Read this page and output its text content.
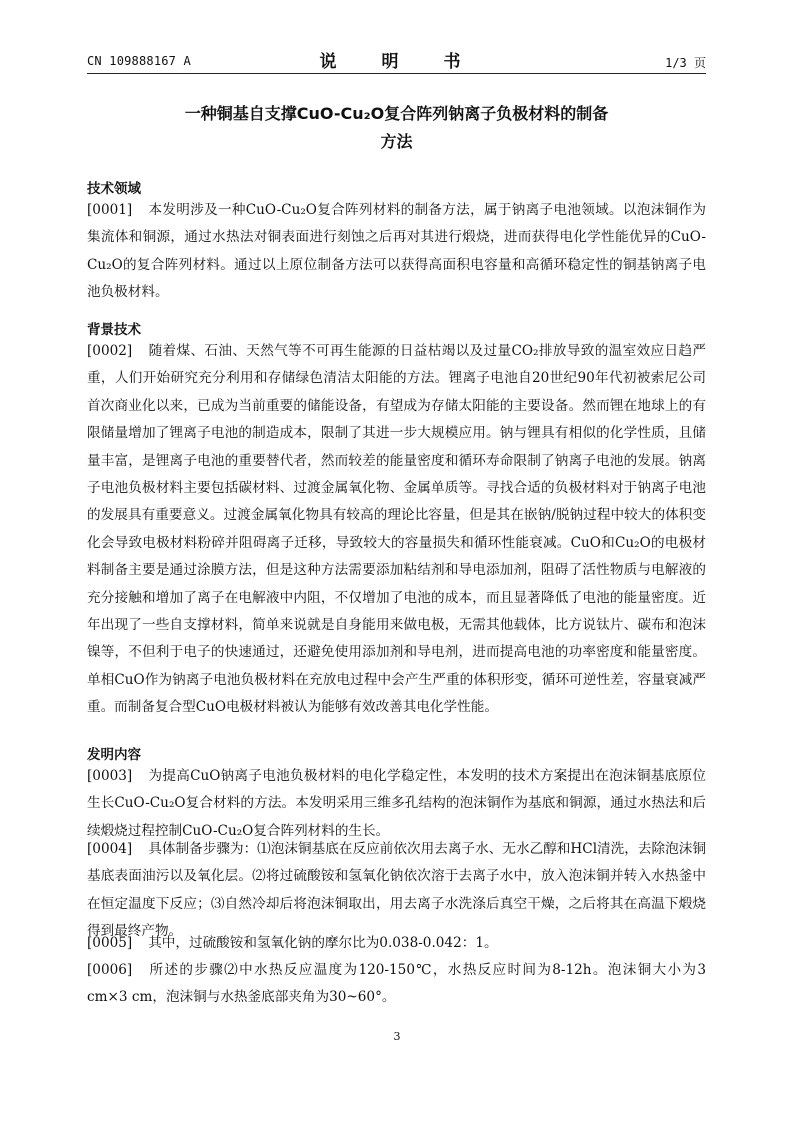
CN 109888167 A	说　明　书	1/3 页
一种铜基自支撑CuO-Cu₂O复合阵列钠离子负极材料的制备
方法
技术领域
[0001] 本发明涉及一种CuO-Cu₂O复合阵列材料的制备方法，属于钠离子电池领域。以泡沫铜作为集流体和铜源，通过水热法对铜表面进行刻蚀之后再对其进行煅烧，进而获得电化学性能优异的CuO-Cu₂O的复合阵列材料。通过以上原位制备方法可以获得高面积电容量和高循环稳定性的铜基钠离子电池负极材料。
背景技术
[0002] 随着煤、石油、天然气等不可再生能源的日益枯竭以及过量CO₂排放导致的温室效应日趋严重，人们开始研究充分利用和存储绿色清洁太阳能的方法。锂离子电池自20世纪90年代初被索尼公司首次商业化以来，已成为当前重要的储能设备，有望成为存储太阳能的主要设备。然而锂在地球上的有限储量增加了锂离子电池的制造成本，限制了其进一步大规模应用。钠与锂具有相似的化学性质，且储量丰富，是锂离子电池的重要替代者，然而较差的能量密度和循环寿命限制了钠离子电池的发展。钠离子电池负极材料主要包括碳材料、过渡金属氧化物、金属单质等。寻找合适的负极材料对于钠离子电池的发展具有重要意义。过渡金属氧化物具有较高的理论比容量，但是其在嵌钠/脱钠过程中较大的体积变化会导致电极材料粉碎并阻碍离子迁移，导致较大的容量损失和循环性能衰减。CuO和Cu₂O的电极材料制备主要是通过涂膜方法，但是这种方法需要添加粘结剂和导电添加剂，阻碍了活性物质与电解液的充分接触和增加了离子在电解液中内阻，不仅增加了电池的成本，而且显著降低了电池的能量密度。近年出现了一些自支撑材料，简单来说就是自身能用来做电极，无需其他载体，比方说钛片、碳布和泡沫镍等，不但利于电子的快速通过，还避免使用添加剂和导电剂，进而提高电池的功率密度和能量密度。单相CuO作为钠离子电池负极材料在充放电过程中会产生严重的体积形变，循环可逆性差，容量衰减严重。而制备复合型CuO电极材料被认为能够有效改善其电化学性能。
发明内容
[0003] 为提高CuO钠离子电池负极材料的电化学稳定性，本发明的技术方案提出在泡沫铜基底原位生长CuO-Cu₂O复合材料的方法。本发明采用三维多孔结构的泡沫铜作为基底和铜源，通过水热法和后续煅烧过程控制CuO-Cu₂O复合阵列材料的生长。
[0004] 具体制备步骤为：⑴泡沫铜基底在反应前依次用去离子水、无水乙醇和HCl清洗，去除泡沫铜基底表面油污以及氧化层。⑵将过硫酸铵和氢氧化钠依次溶于去离子水中，放入泡沫铜并转入水热釜中在恒定温度下反应；⑶自然冷却后将泡沫铜取出，用去离子水洗涤后真空干燥，之后将其在高温下煅烧得到最终产物。
[0005] 其中，过硫酸铵和氢氧化钠的摩尔比为0.038-0.042：1。
[0006] 所述的步骤⑵中水热反应温度为120-150℃，水热反应时间为8-12h。泡沫铜大小为3 cm×3 cm，泡沫铜与水热釜底部夹角为30~60°。
3
